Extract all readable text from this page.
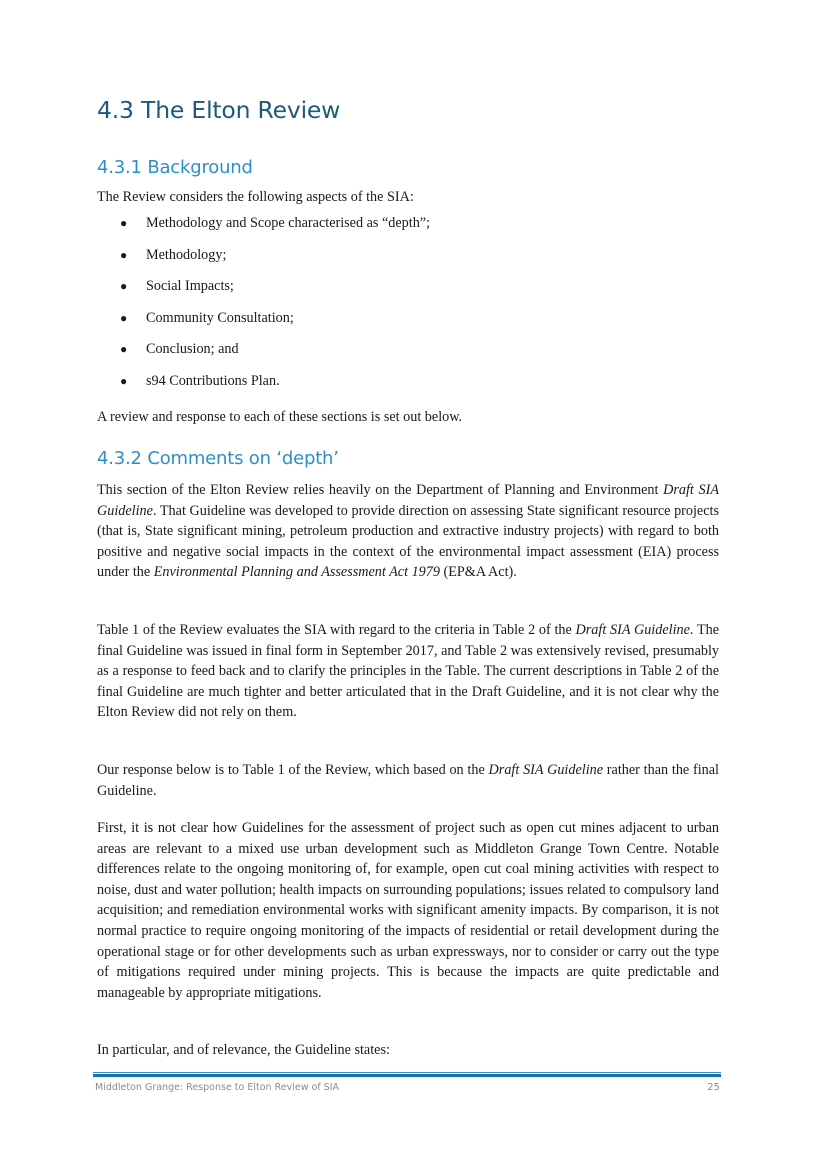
4.3 The Elton Review
4.3.1 Background

The Review considers the following aspects of the SIA:

● Methodology and Scope characterised as “depth”;
● Methodology;
● Social Impacts;
● Community Consultation;
● Conclusion; and
● s94 Contributions Plan.

A review and response to each of these sections is set out below.

4.3.2 Comments on ‘depth’

This section of the Elton Review relies heavily on the Department of Planning and Environment Draft SIA Guideline. That Guideline was developed to provide direction on assessing State significant resource projects (that is, State significant mining, petroleum production and extractive industry projects) with regard to both positive and negative social impacts in the context of the environmental impact assessment (EIA) process under the Environmental Planning and Assessment Act 1979 (EP&A Act).

Table 1 of the Review evaluates the SIA with regard to the criteria in Table 2 of the Draft SIA Guideline. The final Guideline was issued in final form in September 2017, and Table 2 was extensively revised, presumably as a response to feed back and to clarify the principles in the Table. The current descriptions in Table 2 of the final Guideline are much tighter and better articulated that in the Draft Guideline, and it is not clear why the Elton Review did not rely on them.

Our response below is to Table 1 of the Review, which based on the Draft SIA Guideline rather than the final Guideline.

First, it is not clear how Guidelines for the assessment of project such as open cut mines adjacent to urban areas are relevant to a mixed use urban development such as Middleton Grange Town Centre. Notable differences relate to the ongoing monitoring of, for example, open cut coal mining activities with respect to noise, dust and water pollution; health impacts on surrounding populations; issues related to compulsory land acquisition; and remediation environmental works with significant amenity impacts. By comparison, it is not normal practice to require ongoing monitoring of the impacts of residential or retail development during the operational stage or for other developments such as urban expressways, nor to consider or carry out the type of mitigations required under mining projects. This is because the impacts are quite predictable and manageable by appropriate mitigations.

In particular, and of relevance, the Guideline states:

Middleton Grange: Response to Elton Review of SIA	25
